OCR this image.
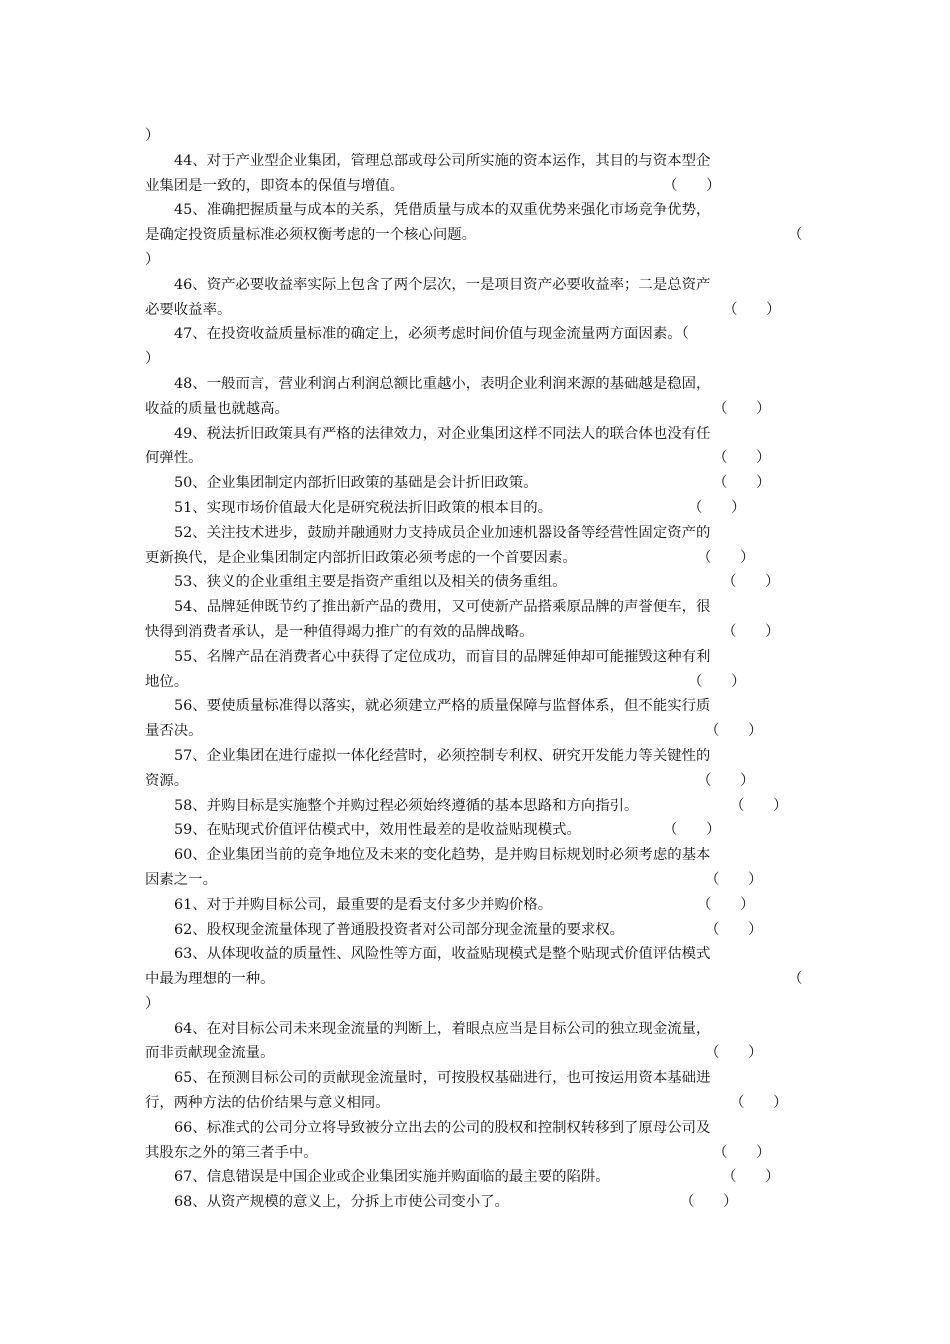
）
44、对于产业型企业集团，管理总部或母公司所实施的资本运作，其目的与资本型企
业集团是一致的，即资本的保值与增值。	（　　）
45、准确把握质量与成本的关系，凭借质量与成本的双重优势来强化市场竞争优势，
是确定投资质量标准必须权衡考虑的一个核心问题。	（
）
46、资产必要收益率实际上包含了两个层次，一是项目资产必要收益率；二是总资产
必要收益率。	（　　）
47、在投资收益质量标准的确定上，必须考虑时间价值与现金流量两方面因素。（
）
48、一般而言，营业利润占利润总额比重越小，表明企业利润来源的基础越是稳固，
收益的质量也就越高。	（　　）
49、税法折旧政策具有严格的法律效力，对企业集团这样不同法人的联合体也没有任
何弹性。	（　　）
50、企业集团制定内部折旧政策的基础是会计折旧政策。	（　　）
51、实现市场价值最大化是研究税法折旧政策的根本目的。	（　　）
52、关注技术进步，鼓励并融通财力支持成员企业加速机器设备等经营性固定资产的
更新换代，是企业集团制定内部折旧政策必须考虑的一个首要因素。	（　　）
53、狭义的企业重组主要是指资产重组以及相关的债务重组。	（　　）
54、品牌延伸既节约了推出新产品的费用，又可使新产品搭乘原品牌的声誉便车，很
快得到消费者承认，是一种值得竭力推广的有效的品牌战略。	（　　）
55、名牌产品在消费者心中获得了定位成功，而盲目的品牌延伸却可能摧毁这种有利
地位。	（　　）
56、要使质量标准得以落实，就必须建立严格的质量保障与监督体系，但不能实行质
量否决。	（　　）
57、企业集团在进行虚拟一体化经营时，必须控制专利权、研究开发能力等关键性的
资源。	（　　）
58、并购目标是实施整个并购过程必须始终遵循的基本思路和方向指引。	（　　）
59、在贴现式价值评估模式中，效用性最差的是收益贴现模式。	（　　）
60、企业集团当前的竞争地位及未来的变化趋势，是并购目标规划时必须考虑的基本
因素之一。	（　　）
61、对于并购目标公司，最重要的是看支付多少并购价格。	（　　）
62、股权现金流量体现了普通股投资者对公司部分现金流量的要求权。	（　　）
63、从体现收益的质量性、风险性等方面，收益贴现模式是整个贴现式价值评估模式
中最为理想的一种。	（
）
64、在对目标公司未来现金流量的判断上，着眼点应当是目标公司的独立现金流量，
而非贡献现金流量。	（　　）
65、在预测目标公司的贡献现金流量时，可按股权基础进行，也可按运用资本基础进
行，两种方法的估价结果与意义相同。	（　　）
66、标准式的公司分立将导致被分立出去的公司的股权和控制权转移到了原母公司及
其股东之外的第三者手中。	（　　）
67、信息错误是中国企业或企业集团实施并购面临的最主要的陷阱。	（　　）
68、从资产规模的意义上，分拆上市使公司变小了。	（　　）
